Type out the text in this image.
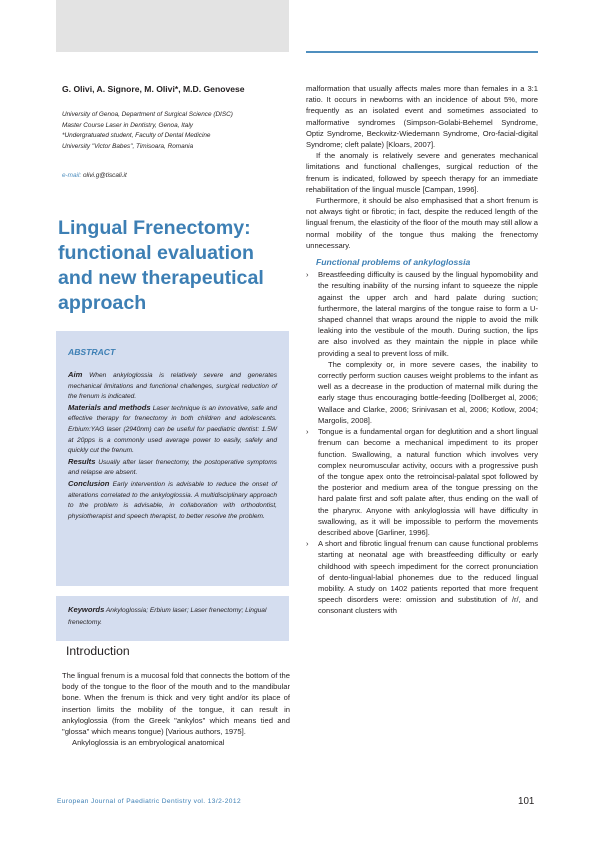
G. Olivi, A. Signore, M. Olivi*, M.D. Genovese
University of Genoa, Department of Surgical Science (DISC)
Master Course Laser in Dentistry, Genoa, Italy
*Undergratuated student, Faculty of Dental Medicine
University "Victor Babes", Timisoara, Romania
e-mail: olivi.g@tiscali.it
Lingual Frenectomy:
functional evaluation
and new therapeutical
approach
ABSTRACT

Aim When ankyloglossia is relatively severe and generates mechanical limitations and functional challenges, surgical reduction of the frenum is indicated.

Materials and methods Laser technique is an innovative, safe and effective therapy for frenectomy in both children and adolescents. Erbium:YAG laser (2940nm) can be useful for paediatric dentist: 1.5W at 20pps is a commonly used average power to easily, safely and quickly cut the frenum.

Results Usually after laser frenectomy, the postoperative symptoms and relapse are absent.

Conclusion Early intervention is advisable to reduce the onset of alterations correlated to the ankyloglossia. A multidisciplinary approach to the problem is advisable, in collaboration with orthodontist, physiotherapist and speech therapist, to better resolve the problem.

Keywords Ankyloglossia; Erbium laser; Laser frenectomy; Lingual frenectomy.
Introduction

The lingual frenum is a mucosal fold that connects the bottom of the body of the tongue to the floor of the mouth and to the mandibular bone. When the frenum is thick and very tight and/or its place of insertion limits the mobility of the tongue, it can result in ankyloglossia (from the Greek "ankylos" which means tied and "glossa" which means tongue) [Various authors, 1975].

Ankyloglossia is an embryological anatomical

malformation that usually affects males more than females in a 3:1 ratio. It occurs in newborns with an incidence of about 5%, more frequently as an isolated event and sometimes associated to malformative syndromes (Simpson-Golabi-Behemel Syndrome, Optiz Syndrome, Beckwitz-Wiedemann Syndrome, Oro-facial-digital Syndrome; cleft palate) [Kloars, 2007].

If the anomaly is relatively severe and generates mechanical limitations and functional challenges, surgical reduction of the frenum is indicated, followed by speech therapy for an immediate rehabilitation of the lingual muscle [Campan, 1996].

Furthermore, it should be also emphasised that a short frenum is not always tight or fibrotic; in fact, despite the reduced length of the lingual frenum, the elasticity of the floor of the mouth may still allow a normal mobility of the tongue thus making the frenectomy unnecessary.

Functional problems of ankyloglossia

› Breastfeeding difficulty is caused by the lingual hypomobility and the resulting inability of the nursing infant to squeeze the nipple against the upper arch and hard palate during suction; furthermore, the lateral margins of the tongue raise to form a U-shaped channel that wraps around the nipple to avoid the milk leaking into the vestibule of the mouth. During suction, the lips are also involved as they maintain the nipple in place while providing a seal to prevent loss of milk.

The complexity or, in more severe cases, the inability to correctly perform suction causes weight problems to the infant as well as a decrease in the production of maternal milk during the early stage thus encouraging bottle-feeding [Dollberget al, 2006; Wallace and Clarke, 2006; Srinivasan et al, 2006; Kotlow, 2004; Margolis, 2008].

› Tongue is a fundamental organ for deglutition and a short lingual frenum can become a mechanical impediment to its proper function. Swallowing, a natural function which involves very complex neuromuscular activity, occurs with a progressive push of the tongue apex onto the retroincisal-palatal spot followed by the posterior and medium area of the tongue pressing on the hard palate first and soft palate after, thus ending on the wall of the pharynx. Anyone with ankyloglossia will have difficulty in swallowing, as it will be impossible to perform the movements described above [Garliner, 1996].

› A short and fibrotic lingual frenum can cause functional problems starting at neonatal age with breastfeeding difficulty or early childhood with speech impediment for the correct pronunciation of dento-lingual-labial phonemes due to the reduced lingual mobility. A study on 1402 patients reported that more frequent speech disorders were: omission and substitution of /r/, and consonant clusters with

European Journal of Paediatric Dentistry vol. 13/2-2012	101
